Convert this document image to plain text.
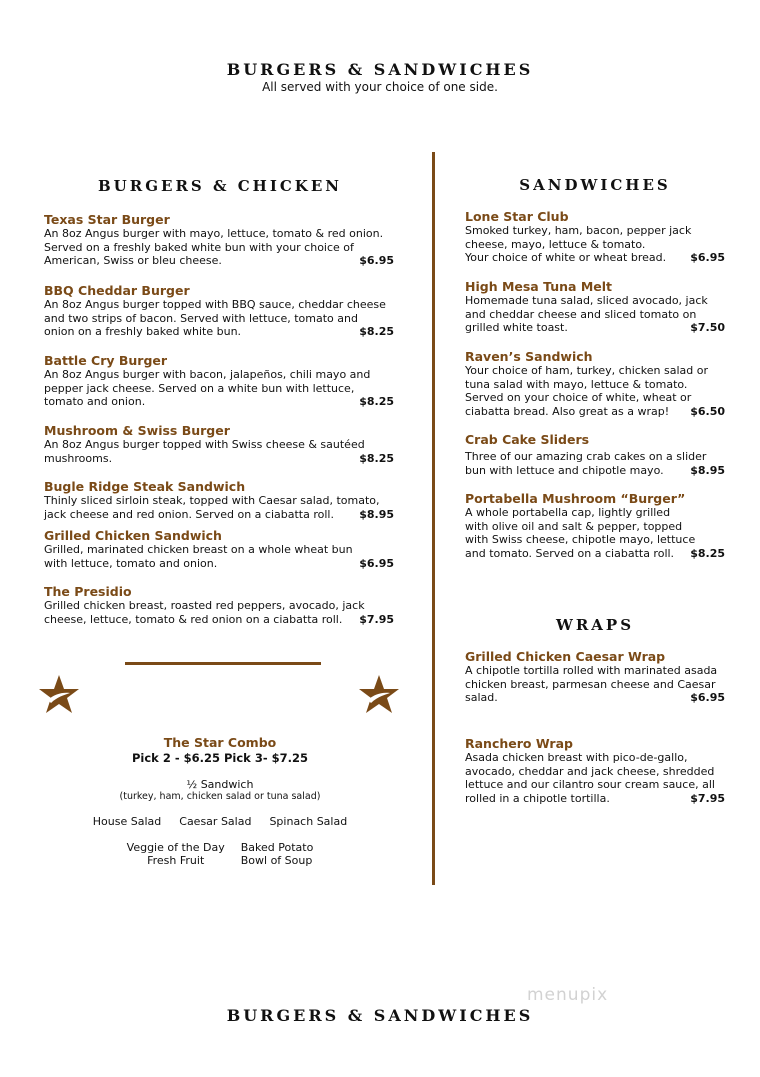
BURGERS & SANDWICHES
All served with your choice of one side.
BURGERS & CHICKEN
Texas Star Burger
An 8oz Angus burger with mayo, lettuce, tomato & red onion.
Served on a freshly baked white bun with your choice of
American, Swiss or bleu cheese.	$6.95
BBQ Cheddar Burger
An 8oz Angus burger topped with BBQ sauce, cheddar cheese
and two strips of bacon. Served with lettuce, tomato and
onion on a freshly baked white bun.	$8.25
Battle Cry Burger
An 8oz Angus burger with bacon, jalapeños, chili mayo and
pepper jack cheese. Served on a white bun with lettuce,
tomato and onion.	$8.25
Mushroom & Swiss Burger
An 8oz Angus burger topped with Swiss cheese & sautéed
mushrooms.	$8.25
Bugle Ridge Steak Sandwich
Thinly sliced sirloin steak, topped with Caesar salad, tomato,
jack cheese and red onion. Served on a ciabatta roll. $8.95
Grilled Chicken Sandwich
Grilled, marinated chicken breast on a whole wheat bun
with lettuce, tomato and onion.	$6.95
The Presidio
Grilled chicken breast, roasted red peppers, avocado, jack
cheese, lettuce, tomato & red onion on a ciabatta roll. $7.95
The Star Combo
Pick 2 - $6.25 Pick 3- $7.25
½ Sandwich
(turkey, ham, chicken salad or tuna salad)
House Salad Caesar Salad Spinach Salad
Veggie of the Day
Fresh Fruit
Baked Potato
Bowl of Soup
SANDWICHES
Lone Star Club
Smoked turkey, ham, bacon, pepper jack
cheese, mayo, lettuce & tomato.
Your choice of white or wheat bread. $6.95
High Mesa Tuna Melt
Homemade tuna salad, sliced avocado, jack
and cheddar cheese and sliced tomato on
grilled white toast.	$7.50
Raven’s Sandwich
Your choice of ham, turkey, chicken salad or
tuna salad with mayo, lettuce & tomato.
Served on your choice of white, wheat or
ciabatta bread. Also great as a wrap! $6.50
Crab Cake Sliders
Three of our amazing crab cakes on a slider
bun with lettuce and chipotle mayo. $8.95
Portabella Mushroom “Burger”
A whole portabella cap, lightly grilled
with olive oil and salt & pepper, topped
with Swiss cheese, chipotle mayo, lettuce
and tomato. Served on a ciabatta roll. $8.25
WRAPS
Grilled Chicken Caesar Wrap
A chipotle tortilla rolled with marinated asada
chicken breast, parmesan cheese and Caesar
salad.	$6.95
Ranchero Wrap
Asada chicken breast with pico-de-gallo,
avocado, cheddar and jack cheese, shredded
lettuce and our cilantro sour cream sauce, all
rolled in a chipotle tortilla.	$7.95
menupix
BURGERS & SANDWICHES
